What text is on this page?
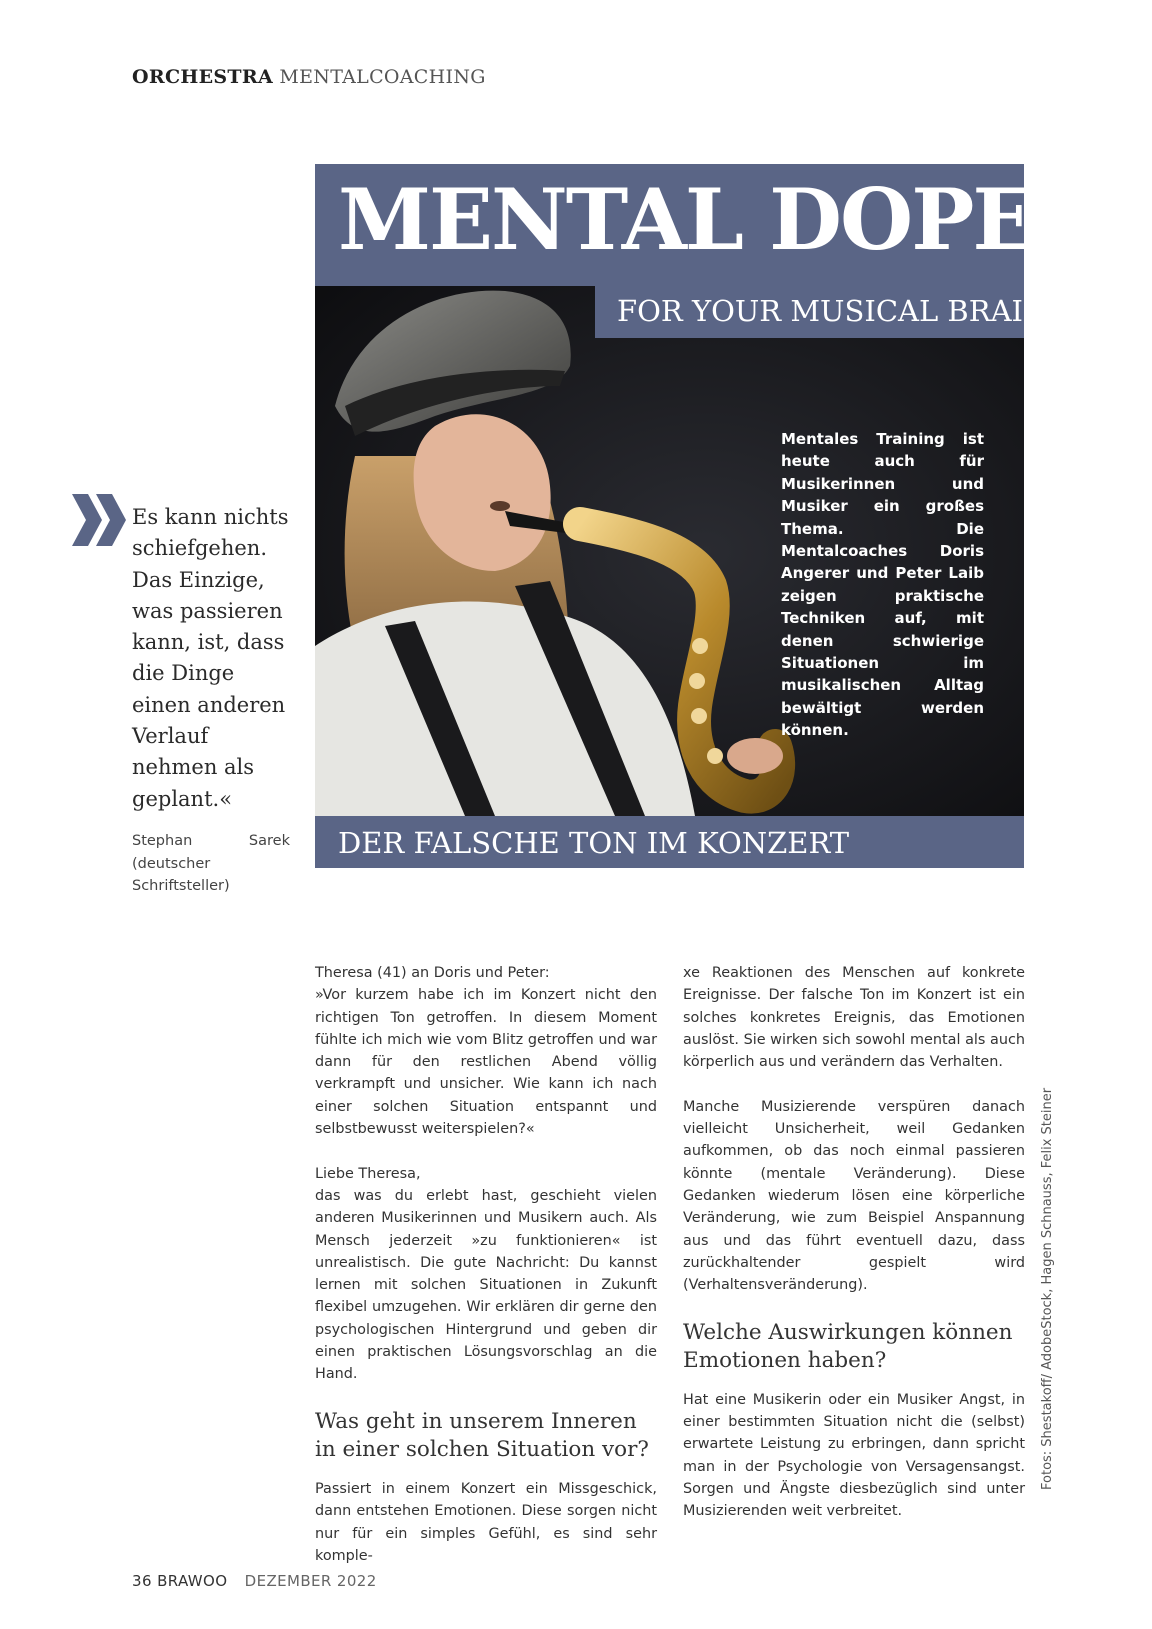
ORCHESTRA MENTALCOACHING
MENTAL DOPE –
FOR YOUR MUSICAL BRAIN!
Mentales Training ist heute auch für Musikerinnen und Musiker ein großes Thema. Die Mentalcoaches Doris Angerer und Peter Laib zeigen praktische Techniken auf, mit denen schwierige Situationen im musikalischen Alltag bewältigt werden können.
DER FALSCHE TON IM KONZERT
Es kann nichts schiefgehen. Das Einzige, was passieren kann, ist, dass die Dinge einen anderen Verlauf nehmen als geplant.«
Stephan Sarek (deutscher Schriftsteller)

Theresa (41) an Doris und Peter:

»Vor kurzem habe ich im Konzert nicht den richtigen Ton getroffen. In diesem Moment fühlte ich mich wie vom Blitz getroffen und war dann für den restlichen Abend völlig verkrampft und unsicher. Wie kann ich nach einer solchen Situation entspannt und selbstbewusst weiterspielen?«

Liebe Theresa,

das was du erlebt hast, geschieht vielen anderen Musikerinnen und Musikern auch. Als Mensch jederzeit »zu funktionieren« ist unrealistisch. Die gute Nachricht: Du kannst lernen mit solchen Situationen in Zukunft flexibel umzugehen. Wir erklären dir gerne den psychologischen Hintergrund und geben dir einen praktischen Lösungsvorschlag an die Hand.

Was geht in unserem Inneren in einer solchen Situation vor?

Passiert in einem Konzert ein Missgeschick, dann entstehen Emotionen. Diese sorgen nicht nur für ein simples Gefühl, es sind sehr komple-

xe Reaktionen des Menschen auf konkrete Ereignisse. Der falsche Ton im Konzert ist ein solches konkretes Ereignis, das Emotionen auslöst. Sie wirken sich sowohl mental als auch körperlich aus und verändern das Verhalten.

Manche Musizierende verspüren danach vielleicht Unsicherheit, weil Gedanken aufkommen, ob das noch einmal passieren könnte (mentale Veränderung). Diese Gedanken wiederum lösen eine körperliche Veränderung, wie zum Beispiel Anspannung aus und das führt eventuell dazu, dass zurückhaltender gespielt wird (Verhaltensveränderung).

Welche Auswirkungen können Emotionen haben?

Hat eine Musikerin oder ein Musiker Angst, in einer bestimmten Situation nicht die (selbst) erwartete Leistung zu erbringen, dann spricht man in der Psychologie von Versagensangst. Sorgen und Ängste diesbezüglich sind unter Musizierenden weit verbreitet.

Fotos: Shestakoff/ AdobeStock, Hagen Schnauss, Felix Steiner
36 BRAWOO DEZEMBER 2022
